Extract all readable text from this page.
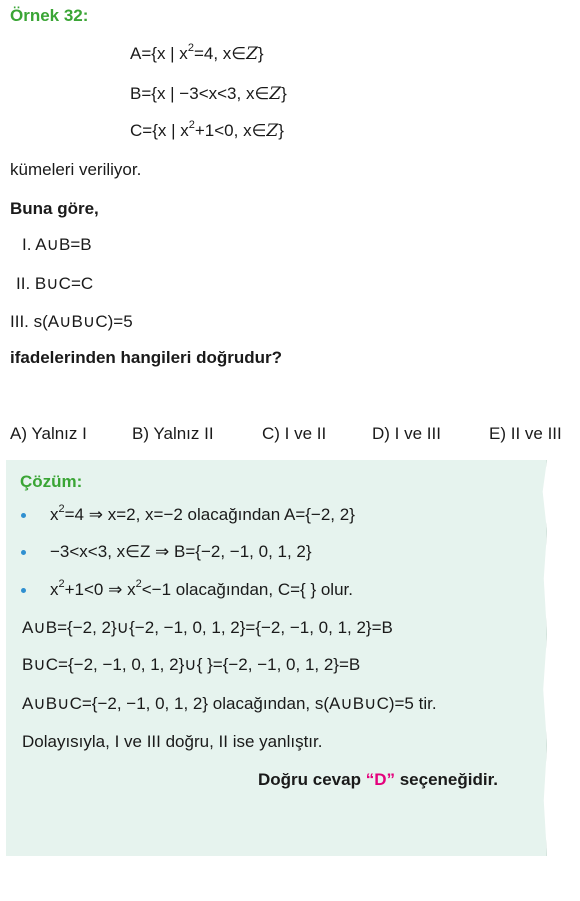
Örnek 32:
A={x | $x^2=4$, x∈Z}
B={x | −3<x<3, x∈Z}
C={x | $x^2+1<0$, x∈Z}
kümeleri veriliyor.
Buna göre,
I. A∪B=B
II. B∪C=C
III. s(A∪B∪C)=5
ifadelerinden hangileri doğrudur?
A) Yalnız I	B) Yalnız II	C) I ve II	D) I ve III	E) II ve III
Çözüm:
$x^2=4$ ⇒ x=2, x=−2 olacağından A={−2, 2}
−3<x<3, x∈Z ⇒ B={−2, −1, 0, 1, 2}
$x^2+1<0$ ⇒ $x^2<-1$ olacağından, C={ } olur.
A∪B={−2, 2}∪{−2, −1, 0, 1, 2}={−2, −1, 0, 1, 2}=B
B∪C={−2, −1, 0, 1, 2}∪{ }={−2, −1, 0, 1, 2}=B
A∪B∪C={−2, −1, 0, 1, 2} olacağından, s(A∪B∪C)=5 tir.
Dolayısıyla, I ve III doğru, II ise yanlıştır.
Doğru cevap “D” seçeneğidir.
